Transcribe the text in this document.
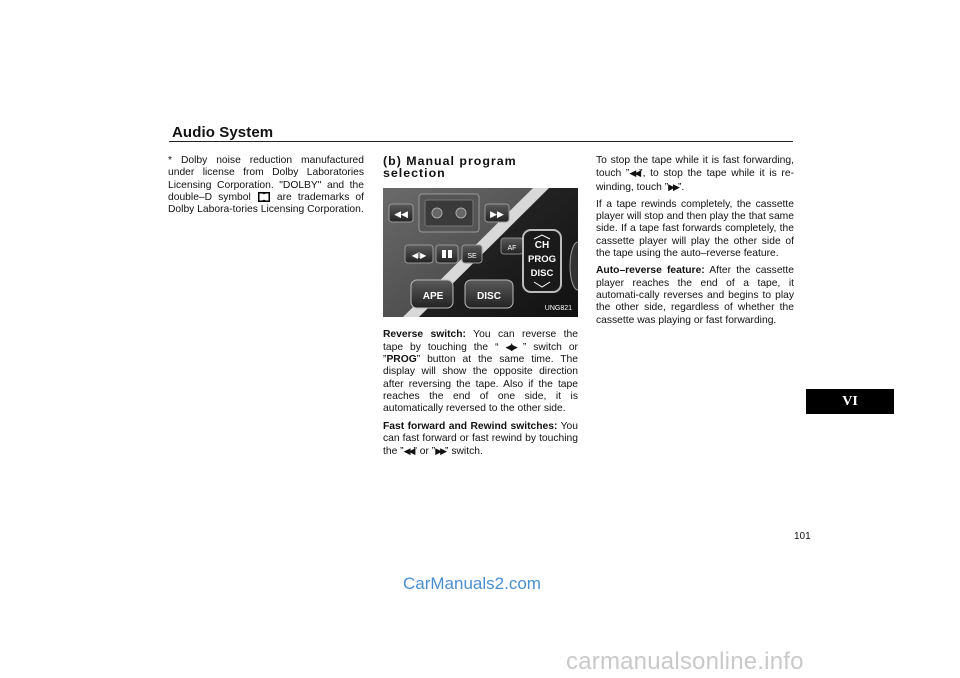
Audio System
* Dolby noise reduction manufactured under license from Dolby Laboratories Licensing Corporation. "DOLBY" and the double–D symbol  are trademarks of Dolby Labora-tories Licensing Corporation.
(b) Manual program selection
◀◀	▶▶
◀I▶	SE
AF CH
PROG
DISC
APE	DISC
UNG821

Reverse switch: You can reverse the tape by touching the “ ◀I▶ ” switch or ”PROG” button at the same time. The display will show the opposite direction after reversing the tape. Also if the tape reaches the end of one side, it is automatically reversed to the other side.

Fast forward and Rewind switches: You can fast forward or fast rewind by touching the ”◀◀” or ”▶▶” switch.

To stop the tape while it is fast forwarding, touch ”◀◀”, to stop the tape while it is re-winding, touch ”▶▶”.

If a tape rewinds completely, the cassette player will stop and then play the that same side. If a tape fast forwards completely, the cassette player will play the other side of the tape using the auto–reverse feature.

Auto–reverse feature: After the cassette player reaches the end of a tape, it automati-cally reverses and begins to play the other side, regardless of whether the cassette was playing or fast forwarding.

VI
101
CarManuals2.com
carmanualsonline.info
